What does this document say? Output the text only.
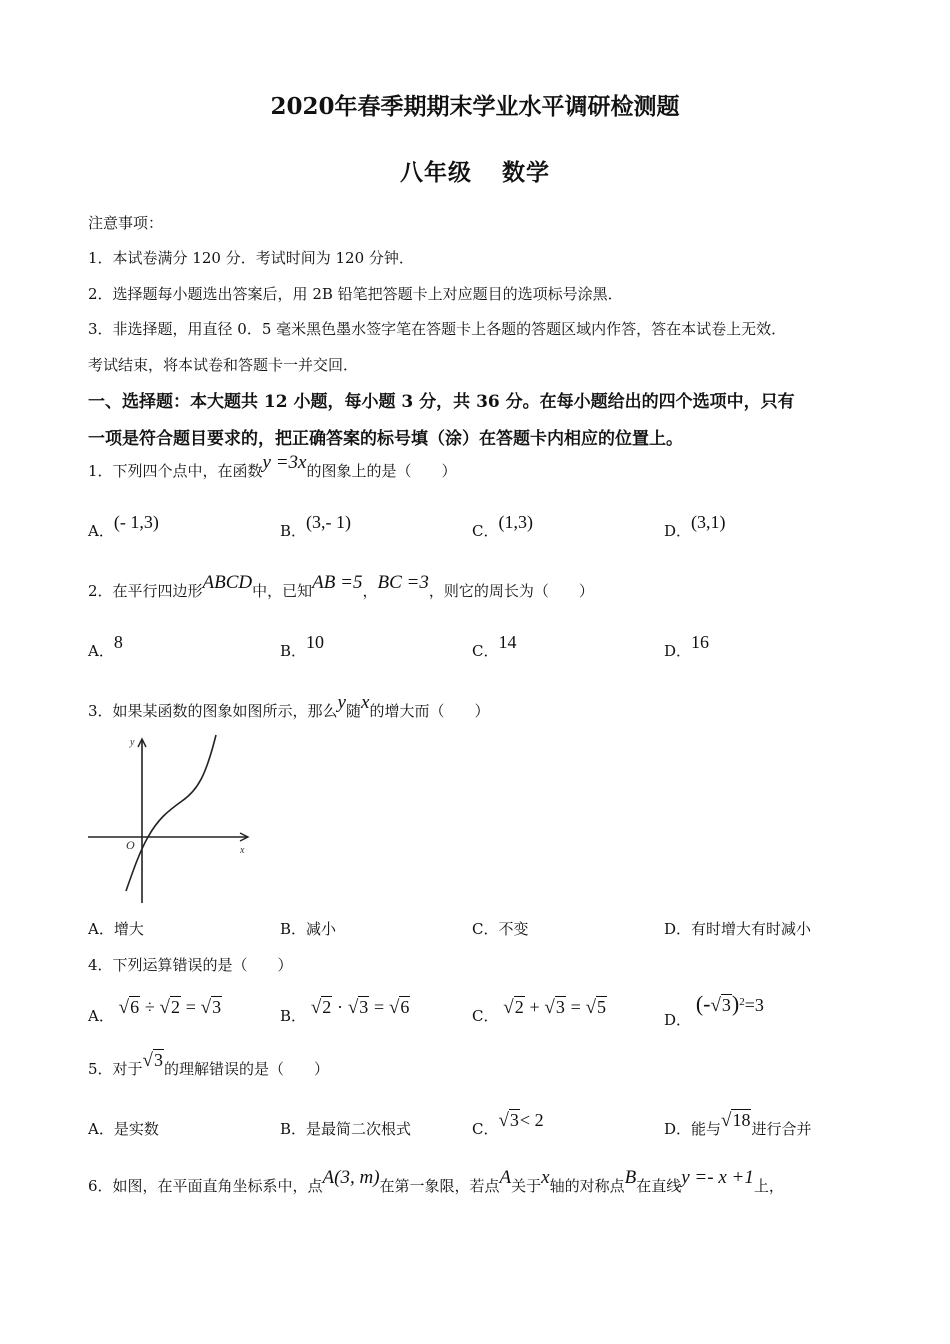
2020年春季期期末学业水平调研检测题
八年级 数学
注意事项：
1．本试卷满分 120 分．考试时间为 120 分钟．
2．选择题每小题选出答案后，用 2B 铅笔把答题卡上对应题目的选项标号涂黑．
3．非选择题，用直径 0．5 毫米黑色墨水签字笔在答题卡上各题的答题区域内作答，答在本试卷上无效．
考试结束，将本试卷和答题卡一并交回．
一、选择题：本大题共 12 小题，每小题 3 分，共 36 分。在每小题给出的四个选项中，只有
一项是符合题目要求的，把正确答案的标号填（涂）在答题卡内相应的位置上。
1．下列四个点中，在函数y =3x的图象上的是（　　）
A．(- 1,3)	B．(3,- 1)	C．(1,3)	D．(3,1)
2．在平行四边形ABCD中，已知AB =5，BC =3，则它的周长为（　　）
A．8	B．10	C．14	D．16
3．如果某函数的图象如图所示，那么y随x的增大而（　　）
y
x
O
A．增大	B．减小	C．不变	D．有时增大有时减小
4．下列运算错误的是（　　）
A． √6 ÷ √2 = √3	B． √2 · √3 = √6	C． √2 + √3 = √5
D． $(-√3)^2=3$
5．对于√3的理解错误的是（　　）
A．是实数	B．是最简二次根式	C．√3< 2	D．能与√18进行合并
6．如图，在平面直角坐标系中，点A(3, m)在第一象限，若点A关于x轴的对称点B在直线y =- x +1上，
